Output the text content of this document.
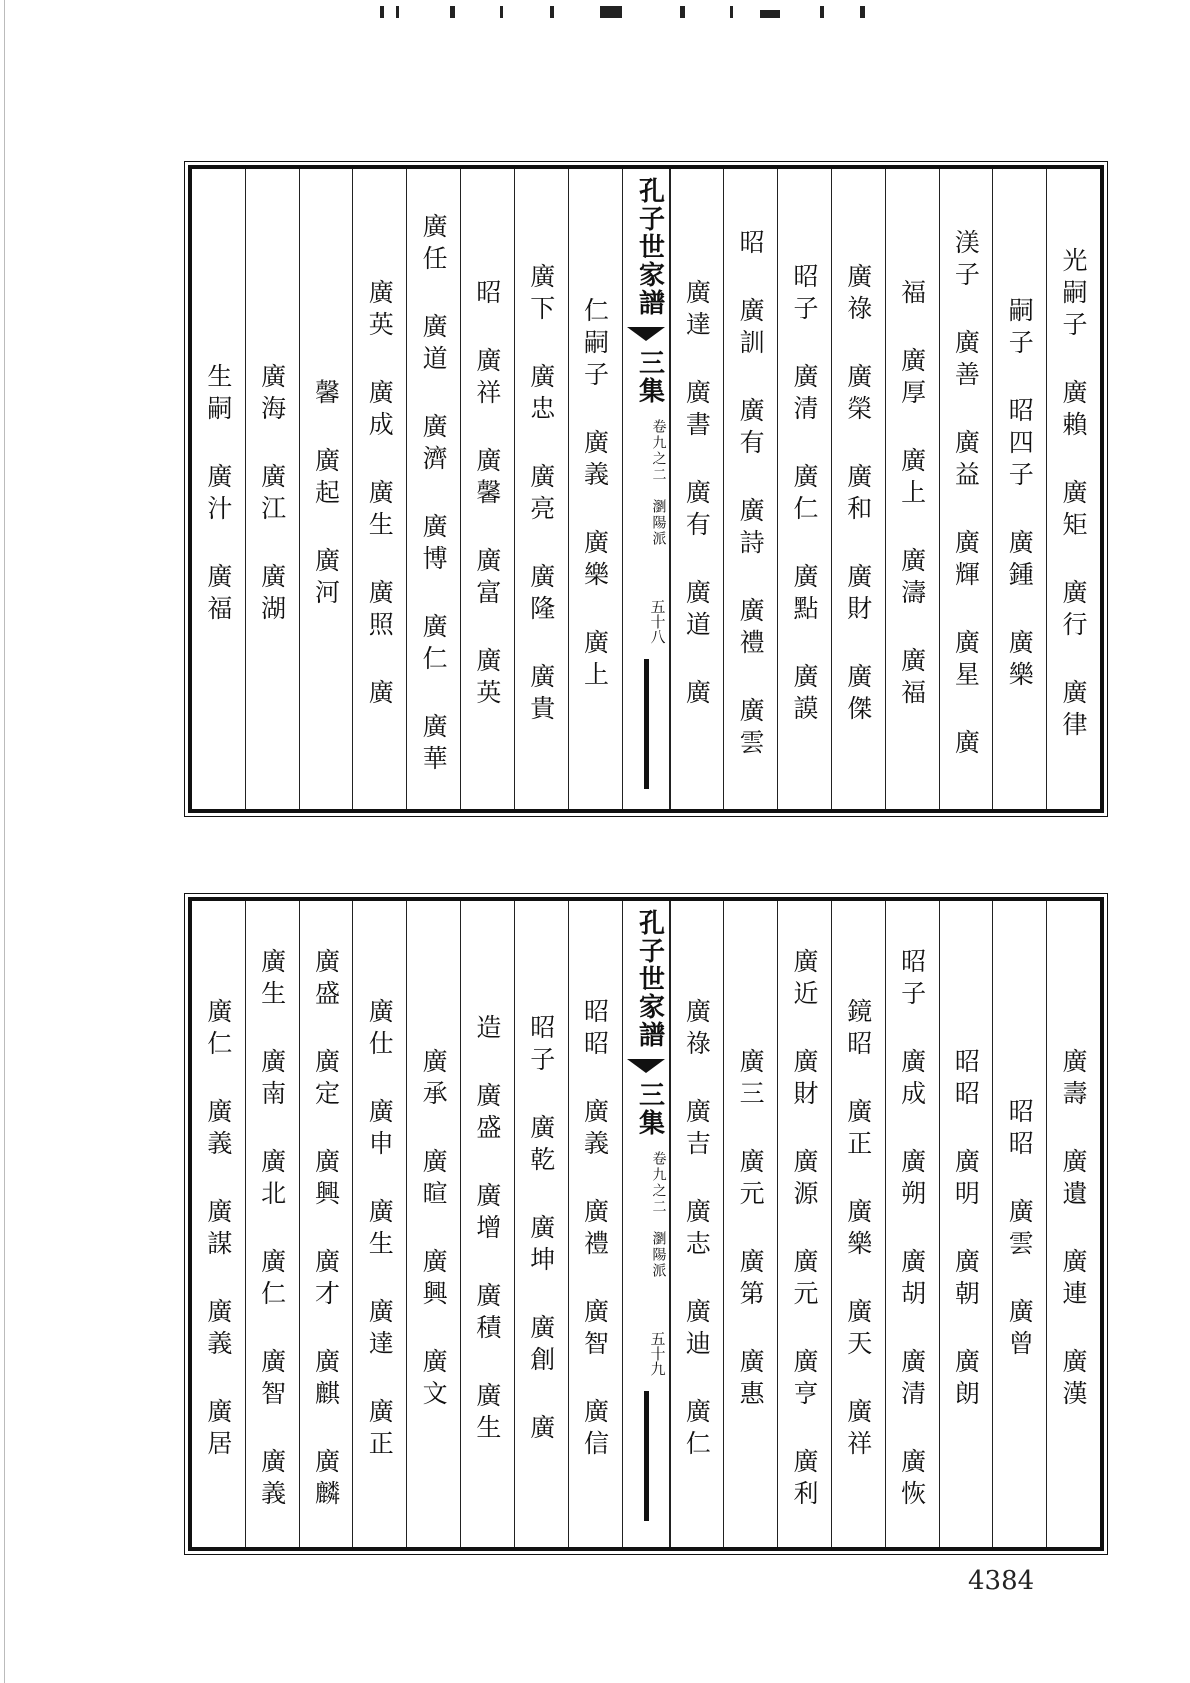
光嗣子 廣賴 廣矩 廣行 廣律
嗣子 昭四子 廣鍾 廣樂
渼子 廣善 廣益 廣輝 廣星 廣
福 廣厚 廣上 廣濤 廣福
廣祿 廣榮 廣和 廣財 廣傑
昭子 廣清 廣仁 廣點 廣謨
昭 廣訓 廣有 廣詩 廣禮 廣雲
廣達 廣書 廣有 廣道 廣
孔子世家譜
三集
卷九之二　瀏陽派
五十八
仁嗣子 廣義 廣樂 廣上
廣下 廣忠 廣亮 廣隆 廣貴
昭 廣祥 廣馨 廣富 廣英
廣任 廣道 廣濟 廣博 廣仁 廣華
廣英 廣成 廣生 廣照 廣
馨 廣起 廣河
廣海 廣江 廣湖
生嗣 廣汁 廣福
廣壽 廣遺 廣連 廣漢
昭昭 廣雲 廣曾
昭昭 廣明 廣朝 廣朗
昭子 廣成 廣朔 廣胡 廣清 廣恢
鏡昭 廣正 廣樂 廣天 廣祥
廣近 廣財 廣源 廣元 廣亨 廣利
廣三 廣元 廣第 廣惠
廣祿 廣吉 廣志 廣迪 廣仁
孔子世家譜
三集
卷九之二　瀏陽派
五十九
昭昭 廣義 廣禮 廣智 廣信
昭子 廣乾 廣坤 廣創 廣
造 廣盛 廣增 廣積 廣生
廣承 廣暄 廣興 廣文
廣仕 廣申 廣生 廣達 廣正
廣盛 廣定 廣興 廣才 廣麒 廣麟
廣生 廣南 廣北 廣仁 廣智 廣義
廣仁 廣義 廣謀 廣義 廣居
4384
